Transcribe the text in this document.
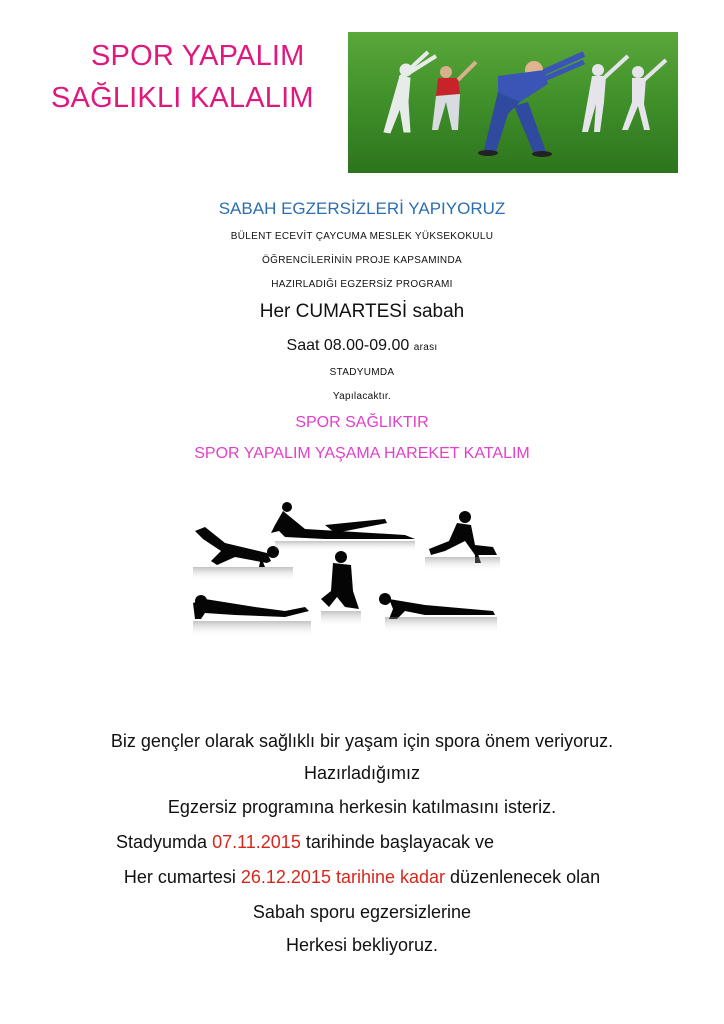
SPOR YAPALIM
SAĞLIKLI KALALIM
SABAH EGZERSİZLERİ YAPIYORUZ
BÜLENT ECEVİT ÇAYCUMA MESLEK YÜKSEKOKULU
ÖĞRENCİLERİNİN PROJE KAPSAMINDA
HAZIRLADIĞI EGZERSİZ PROGRAMI
Her CUMARTESİ sabah
Saat 08.00-09.00 arası
STADYUMDA
Yapılacaktır.
SPOR SAĞLIKTIR
SPOR YAPALIM YAŞAMA HAREKET KATALIM
Biz gençler olarak sağlıklı bir yaşam için spora önem veriyoruz.
Hazırladığımız
Egzersiz programına herkesin katılmasını isteriz.
Stadyumda 07.11.2015 tarihinde başlayacak ve
Her cumartesi 26.12.2015 tarihine kadar düzenlenecek olan
Sabah sporu egzersizlerine
Herkesi bekliyoruz.
